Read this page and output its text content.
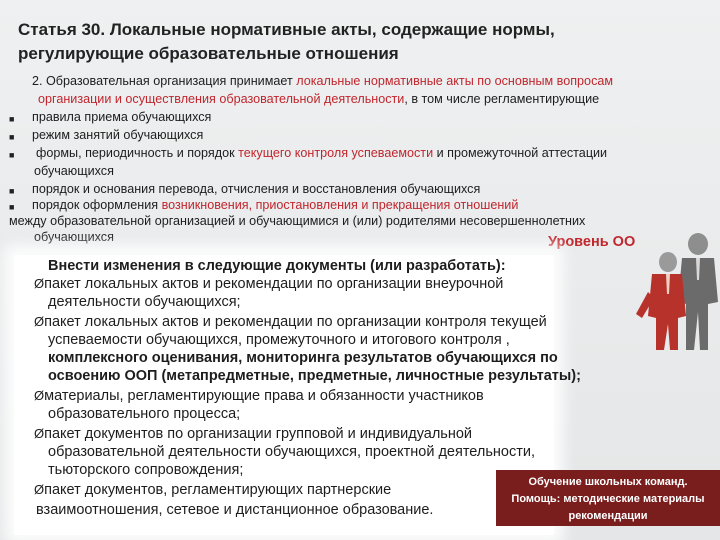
Статья 30. Локальные нормативные акты, содержащие нормы,
регулирующие образовательные отношения
2. Образовательная организация принимает локальные нормативные акты по основным вопросам
организации и осуществления образовательной деятельности, в том числе регламентирующие
■ правила приема обучающихся
■ режим занятий обучающихся
■ формы, периодичность и порядок текущего контроля успеваемости и промежуточной аттестации
обучающихся
■ порядок и основания перевода, отчисления и восстановления обучающихся
■ порядок оформления возникновения, приостановления и прекращения отношений
между образовательной организацией и обучающимися и (или) родителями несовершеннолетних
обучающихся	Уровень ОО
Внести изменения в следующие документы (или разработать):
Øпакет локальных актов и рекомендации по организации внеурочной
деятельности обучающихся;
Øпакет локальных актов и рекомендации по организации контроля текущей
успеваемости обучающихся, промежуточного и итогового контроля ,
комплексного оценивания, мониторинга результатов обучающихся по
освоению ООП (метапредметные, предметные, личностные результаты);
Øматериалы, регламентирующие права и обязанности участников
образовательного процесса;
Øпакет документов по организации групповой и индивидуальной
образовательной деятельности обучающихся, проектной деятельности,
тьюторского сопровождения;
Øпакет документов, регламентирующих партнерские
взаимоотношения, сетевое и дистанционное образование.
Обучение школьных команд.
Помощь: методические материалы
рекомендации
